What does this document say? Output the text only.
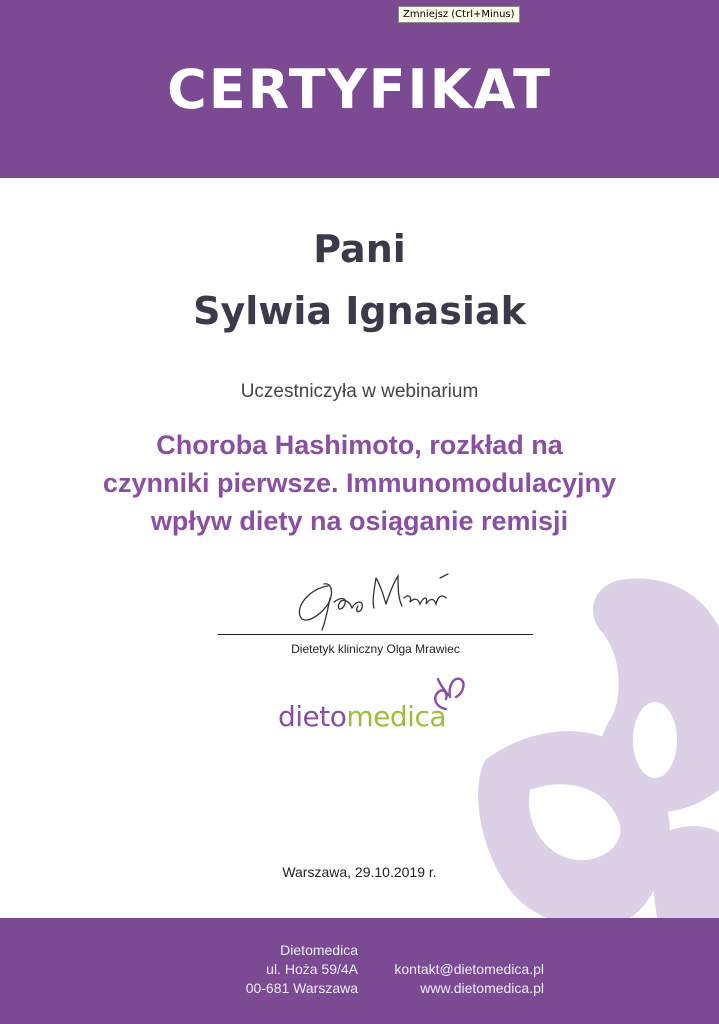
Zmniejsz (Ctrl+Minus)
CERTYFIKAT
Pani
Sylwia Ignasiak
Uczestniczyła w webinarium
Choroba Hashimoto, rozkład na
czynniki pierwsze. Immunomodulacyjny
wpływ diety na osiąganie remisji
Dietetyk kliniczny Olga Mrawiec
dietomedica
Warszawa, 29.10.2019 r.
Dietomedica
ul. Hoża 59/4A
00-681 Warszawa
kontakt@dietomedica.pl
www.dietomedica.pl
